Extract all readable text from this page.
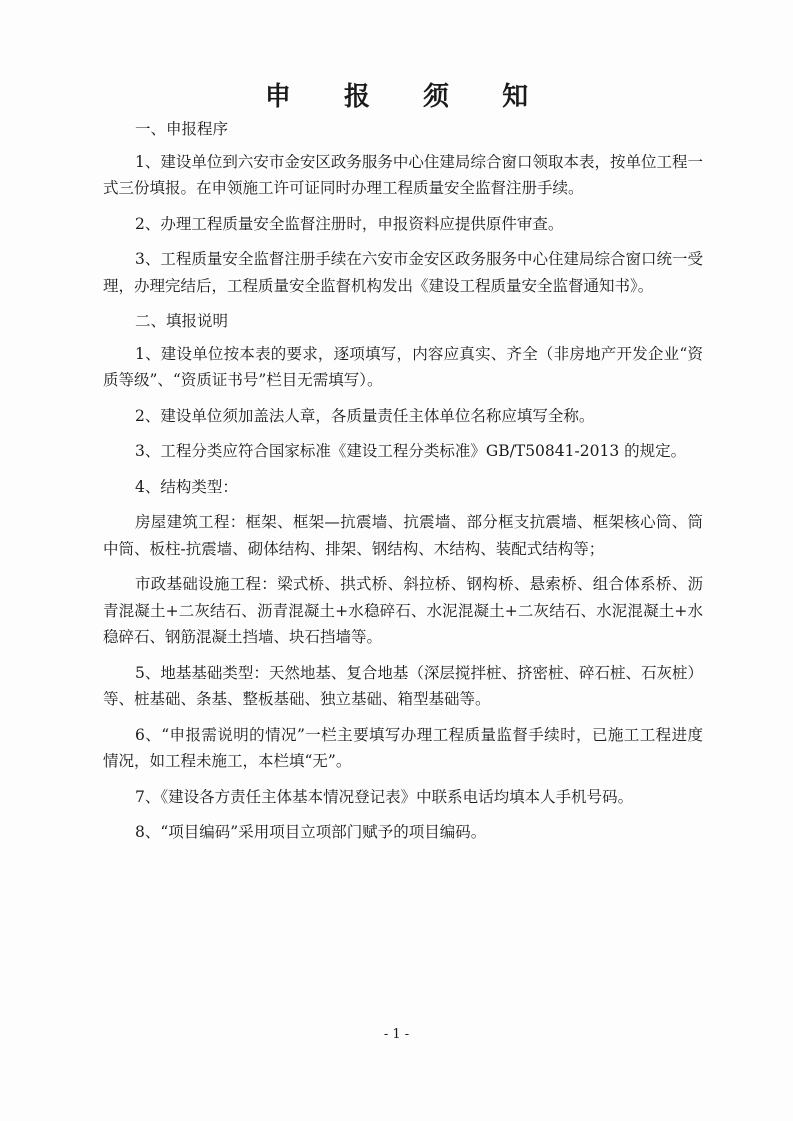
申 报 须 知
一、申报程序

1、建设单位到六安市金安区政务服务中心住建局综合窗口领取本表，按单位工程一式三份填报。在申领施工许可证同时办理工程质量安全监督注册手续。

2、办理工程质量安全监督注册时，申报资料应提供原件审查。

3、工程质量安全监督注册手续在六安市金安区政务服务中心住建局综合窗口统一受理，办理完结后，工程质量安全监督机构发出《建设工程质量安全监督通知书》。

二、填报说明

1、建设单位按本表的要求，逐项填写，内容应真实、齐全（非房地产开发企业“资质等级”、“资质证书号”栏目无需填写）。

2、建设单位须加盖法人章，各质量责任主体单位名称应填写全称。

3、工程分类应符合国家标准《建设工程分类标准》GB/T50841-2013 的规定。

4、结构类型：

房屋建筑工程：框架、框架—抗震墙、抗震墙、部分框支抗震墙、框架核心筒、筒中筒、板柱-抗震墙、砌体结构、排架、钢结构、木结构、装配式结构等；

市政基础设施工程：梁式桥、拱式桥、斜拉桥、钢构桥、悬索桥、组合体系桥、沥青混凝土+二灰结石、沥青混凝土+水稳碎石、水泥混凝土+二灰结石、水泥混凝土+水稳碎石、钢筋混凝土挡墙、块石挡墙等。

5、地基基础类型：天然地基、复合地基（深层搅拌桩、挤密桩、碎石桩、石灰桩）等、桩基础、条基、整板基础、独立基础、箱型基础等。

6、“申报需说明的情况”一栏主要填写办理工程质量监督手续时，已施工工程进度情况，如工程未施工，本栏填“无”。

7、《建设各方责任主体基本情况登记表》中联系电话均填本人手机号码。

8、“项目编码”采用项目立项部门赋予的项目编码。

- 1 -
